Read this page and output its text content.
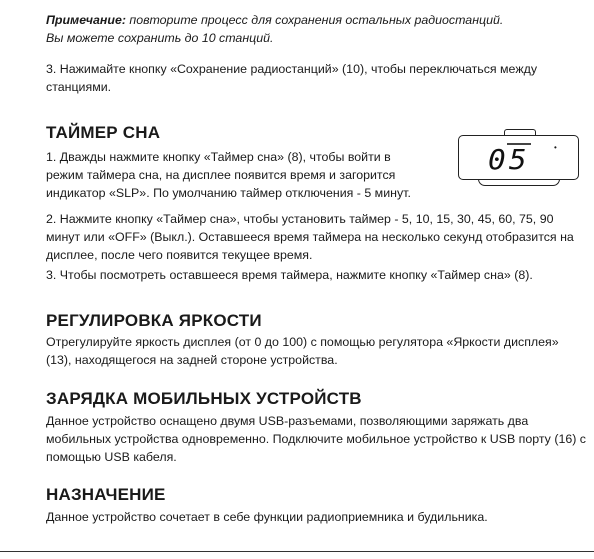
Примечание: повторите процесс для сохранения остальных радиостанций.
Вы можете сохранить до 10 станций.

3. Нажимайте кнопку «Сохранение радиостанций» (10), чтобы переключаться между станциями.

ТАЙМЕР СНА

1. Дважды нажмите кнопку «Таймер сна» (8), чтобы войти в режим таймера сна, на дисплее появится время и загорится индикатор «SLP». По умолчанию таймер отключения - 5 минут.

2. Нажмите кнопку «Таймер сна», чтобы установить таймер - 5, 10, 15, 30, 45, 60, 75, 90 минут или «OFF» (Выкл.). Оставшееся время таймера на несколько секунд отобразится на дисплее, после чего появится текущее время.

3. Чтобы посмотреть оставшееся время таймера, нажмите кнопку «Таймер сна» (8).

РЕГУЛИРОВКА ЯРКОСТИ

Отрегулируйте яркость дисплея (от 0 до 100) с помощью регулятора «Яркости дисплея» (13), находящегося на задней стороне устройства.

ЗАРЯДКА МОБИЛЬНЫХ УСТРОЙСТВ

Данное устройство оснащено двумя USB-разъемами, позволяющими заряжать два мобильных устройства одновременно. Подключите мобильное устройство к USB порту (16) с помощью USB кабеля.

НАЗНАЧЕНИЕ

Данное устройство сочетает в себе функции радиоприемника и будильника.

05	•
